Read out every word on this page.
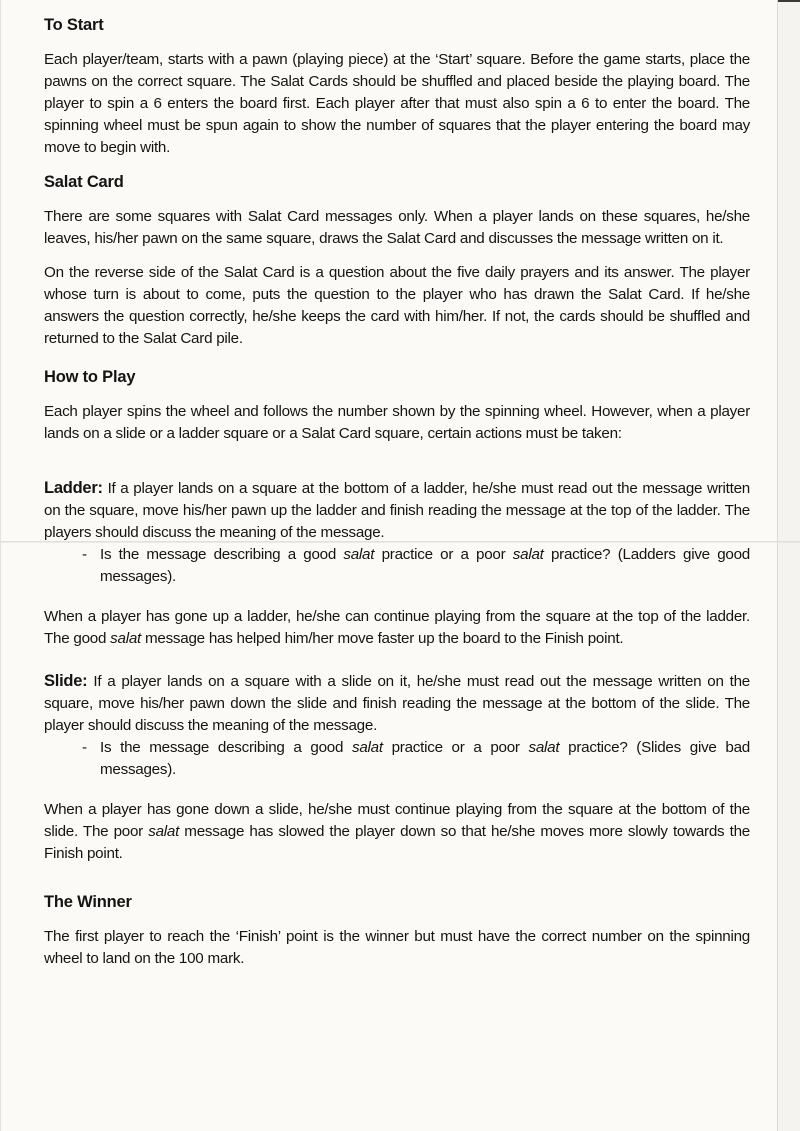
To Start

Each player/team, starts with a pawn (playing piece) at the ‘Start’ square. Before the game starts, place the pawns on the correct square. The Salat Cards should be shuffled and placed beside the playing board. The player to spin a 6 enters the board first. Each player after that must also spin a 6 to enter the board. The spinning wheel must be spun again to show the number of squares that the player entering the board may move to begin with.

Salat Card

There are some squares with Salat Card messages only. When a player lands on these squares, he/she leaves, his/her pawn on the same square, draws the Salat Card and discusses the message written on it.

On the reverse side of the Salat Card is a question about the five daily prayers and its answer. The player whose turn is about to come, puts the question to the player who has drawn the Salat Card. If he/she answers the question correctly, he/she keeps the card with him/her. If not, the cards should be shuffled and returned to the Salat Card pile.

How to Play

Each player spins the wheel and follows the number shown by the spinning wheel. However, when a player lands on a slide or a ladder square or a Salat Card square, certain actions must be taken:

Ladder: If a player lands on a square at the bottom of a ladder, he/she must read out the message written on the square, move his/her pawn up the ladder and finish reading the message at the top of the ladder. The players should discuss the meaning of the message.

- Is the message describing a good salat practice or a poor salat practice? (Ladders give good messages).

When a player has gone up a ladder, he/she can continue playing from the square at the top of the ladder. The good salat message has helped him/her move faster up the board to the Finish point.

Slide: If a player lands on a square with a slide on it, he/she must read out the message written on the square, move his/her pawn down the slide and finish reading the message at the bottom of the slide. The player should discuss the meaning of the message.

- Is the message describing a good salat practice or a poor salat practice? (Slides give bad messages).

When a player has gone down a slide, he/she must continue playing from the square at the bottom of the slide. The poor salat message has slowed the player down so that he/she moves more slowly towards the Finish point.

The Winner

The first player to reach the ‘Finish’ point is the winner but must have the correct number on the spinning wheel to land on the 100 mark.
